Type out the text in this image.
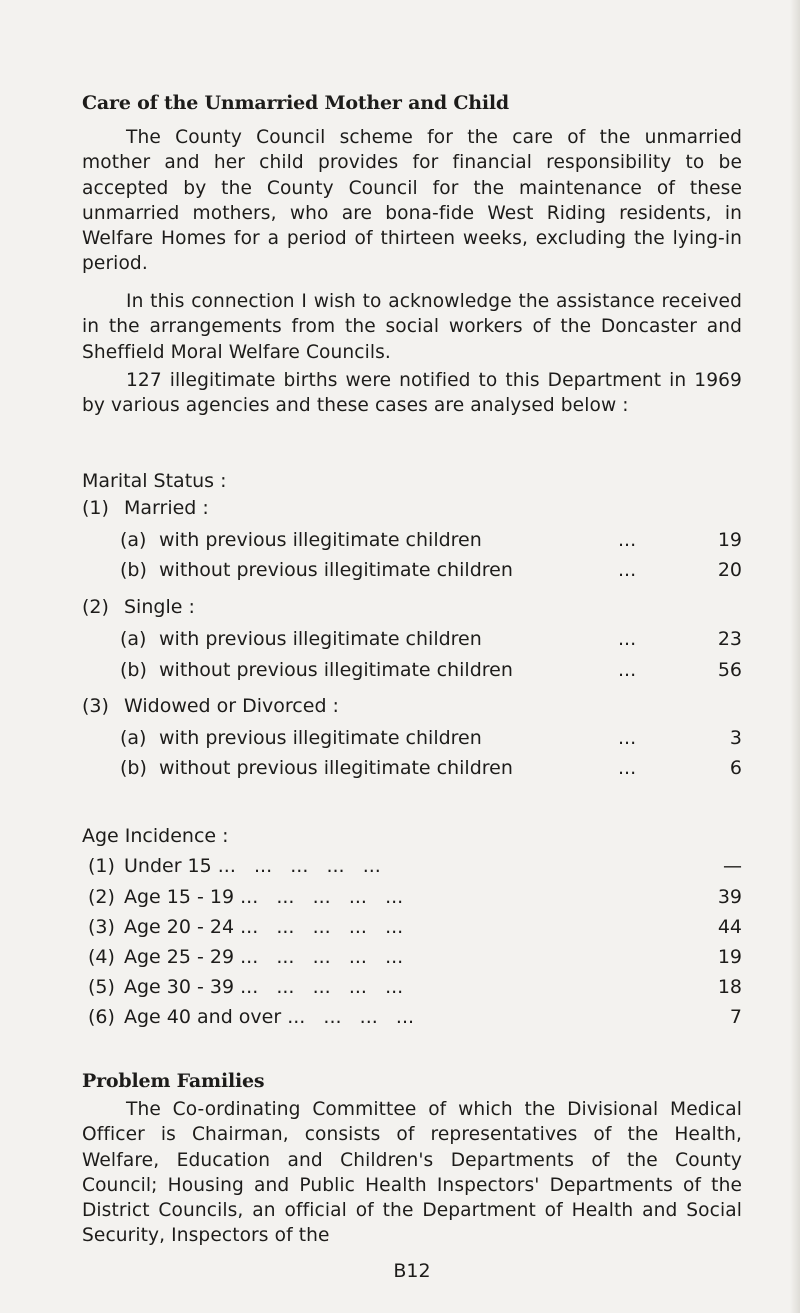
Care of the Unmarried Mother and Child
The County Council scheme for the care of the unmarried mother and her child provides for financial responsibility to be accepted by the County Council for the maintenance of these unmarried mothers, who are bona-fide West Riding residents, in Welfare Homes for a period of thirteen weeks, excluding the lying-in period.
In this connection I wish to acknowledge the assistance received in the arrangements from the social workers of the Doncaster and Sheffield Moral Welfare Councils.
127 illegitimate births were notified to this Department in 1969 by various agencies and these cases are analysed below :
Marital Status :
(1) Married :
(a) with previous illegitimate children	...	19
(b) without previous illegitimate children	...	20
(2) Single :
(a) with previous illegitimate children	...	23
(b) without previous illegitimate children	...	56
(3) Widowed or Divorced :
(a) with previous illegitimate children	...	3
(b) without previous illegitimate children	...	6
Age Incidence :
(1) Under 15 ...   ...   ...   ...   ...	—
(2) Age 15 - 19 ...   ...   ...   ...   ...	39
(3) Age 20 - 24 ...   ...   ...   ...   ...	44
(4) Age 25 - 29 ...   ...   ...   ...   ...	19
(5) Age 30 - 39 ...   ...   ...   ...   ...	18
(6) Age 40 and over ...   ...   ...   ...	7
Problem Families
The Co-ordinating Committee of which the Divisional Medical Officer is Chairman, consists of representatives of the Health, Welfare, Education and Children's Departments of the County Council; Housing and Public Health Inspectors' Departments of the District Councils, an official of the Department of Health and Social Security, Inspectors of the
B12
